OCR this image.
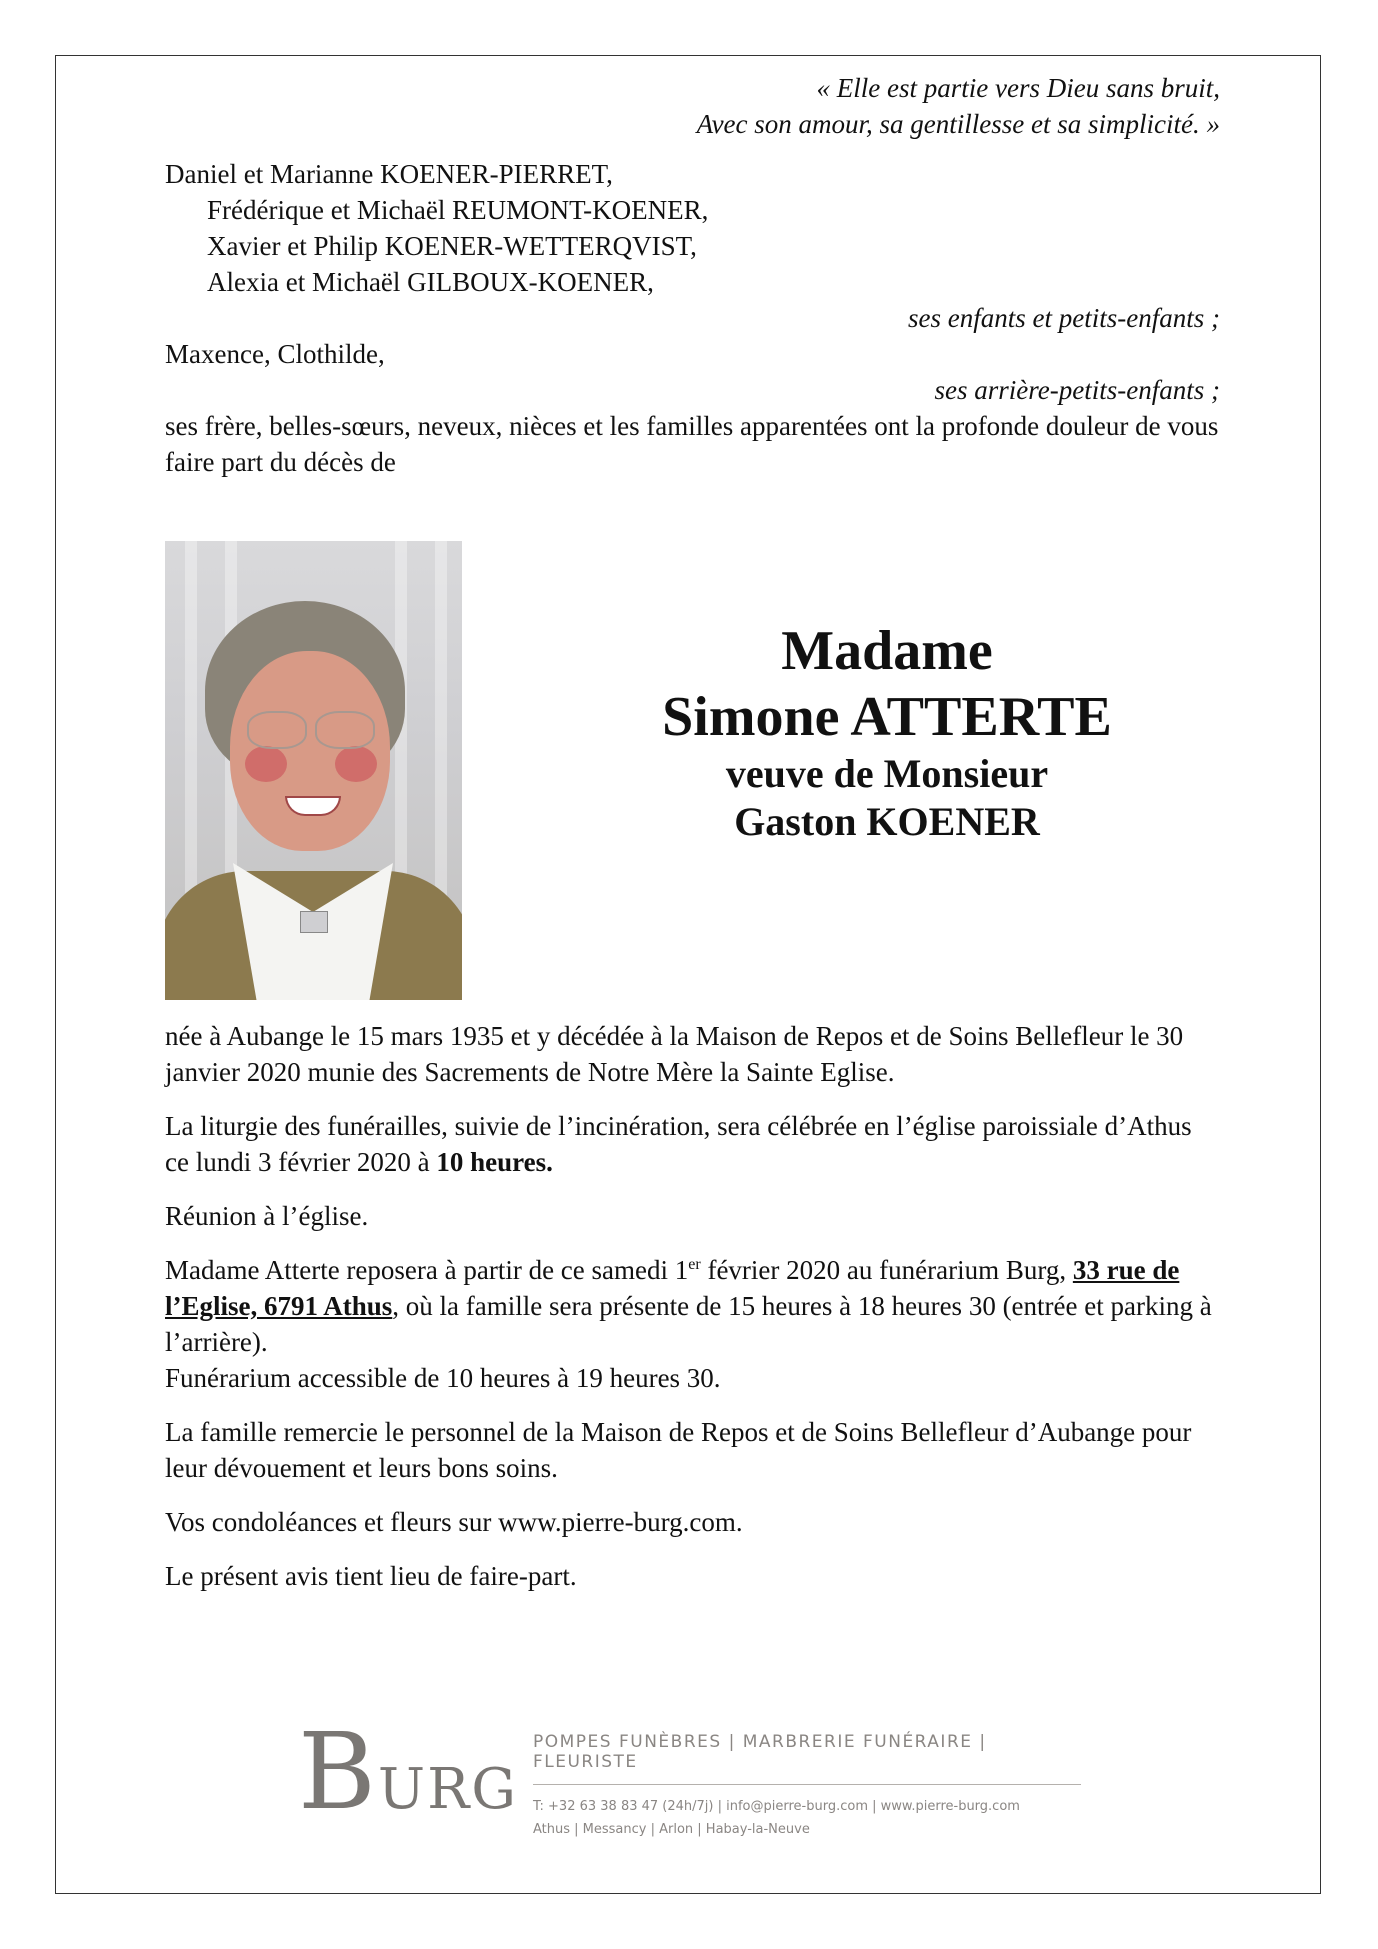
« Elle est partie vers Dieu sans bruit,

Avec son amour, sa gentillesse et sa simplicité. »

Daniel et Marianne KOENER-PIERRET,

Frédérique et Michaël REUMONT-KOENER,

Xavier et Philip KOENER-WETTERQVIST,

Alexia et Michaël GILBOUX-KOENER,

ses enfants et petits-enfants ;

Maxence, Clothilde,

ses arrière-petits-enfants ;

ses frère, belles-sœurs, neveux, nièces et les familles apparentées ont la profonde douleur de vous faire part du décès de

Madame
Simone ATTERTE
veuve de Monsieur
Gaston KOENER

née à Aubange le 15 mars 1935 et y décédée à la Maison de Repos et de Soins Bellefleur le 30 janvier 2020 munie des Sacrements de Notre Mère la Sainte Eglise.

La liturgie des funérailles, suivie de l’incinération, sera célébrée en l’église paroissiale d’Athus ce lundi 3 février 2020 à 10 heures.

Réunion à l’église.

Madame Atterte reposera à partir de ce samedi 1er février 2020 au funérarium Burg, 33 rue de l’Eglise, 6791 Athus, où la famille sera présente de 15 heures à 18 heures 30 (entrée et parking à l’arrière).

Funérarium accessible de 10 heures à 19 heures 30.

La famille remercie le personnel de la Maison de Repos et de Soins Bellefleur d’Aubange pour leur dévouement et leurs bons soins.

Vos condoléances et fleurs sur www.pierre-burg.com.

Le présent avis tient lieu de faire-part.

BURG
POMPES FUNÈBRES | MARBRERIE FUNÉRAIRE | FLEURISTE
T: +32 63 38 83 47 (24h/7j) | info@pierre-burg.com | www.pierre-burg.com
Athus | Messancy | Arlon | Habay-la-Neuve
